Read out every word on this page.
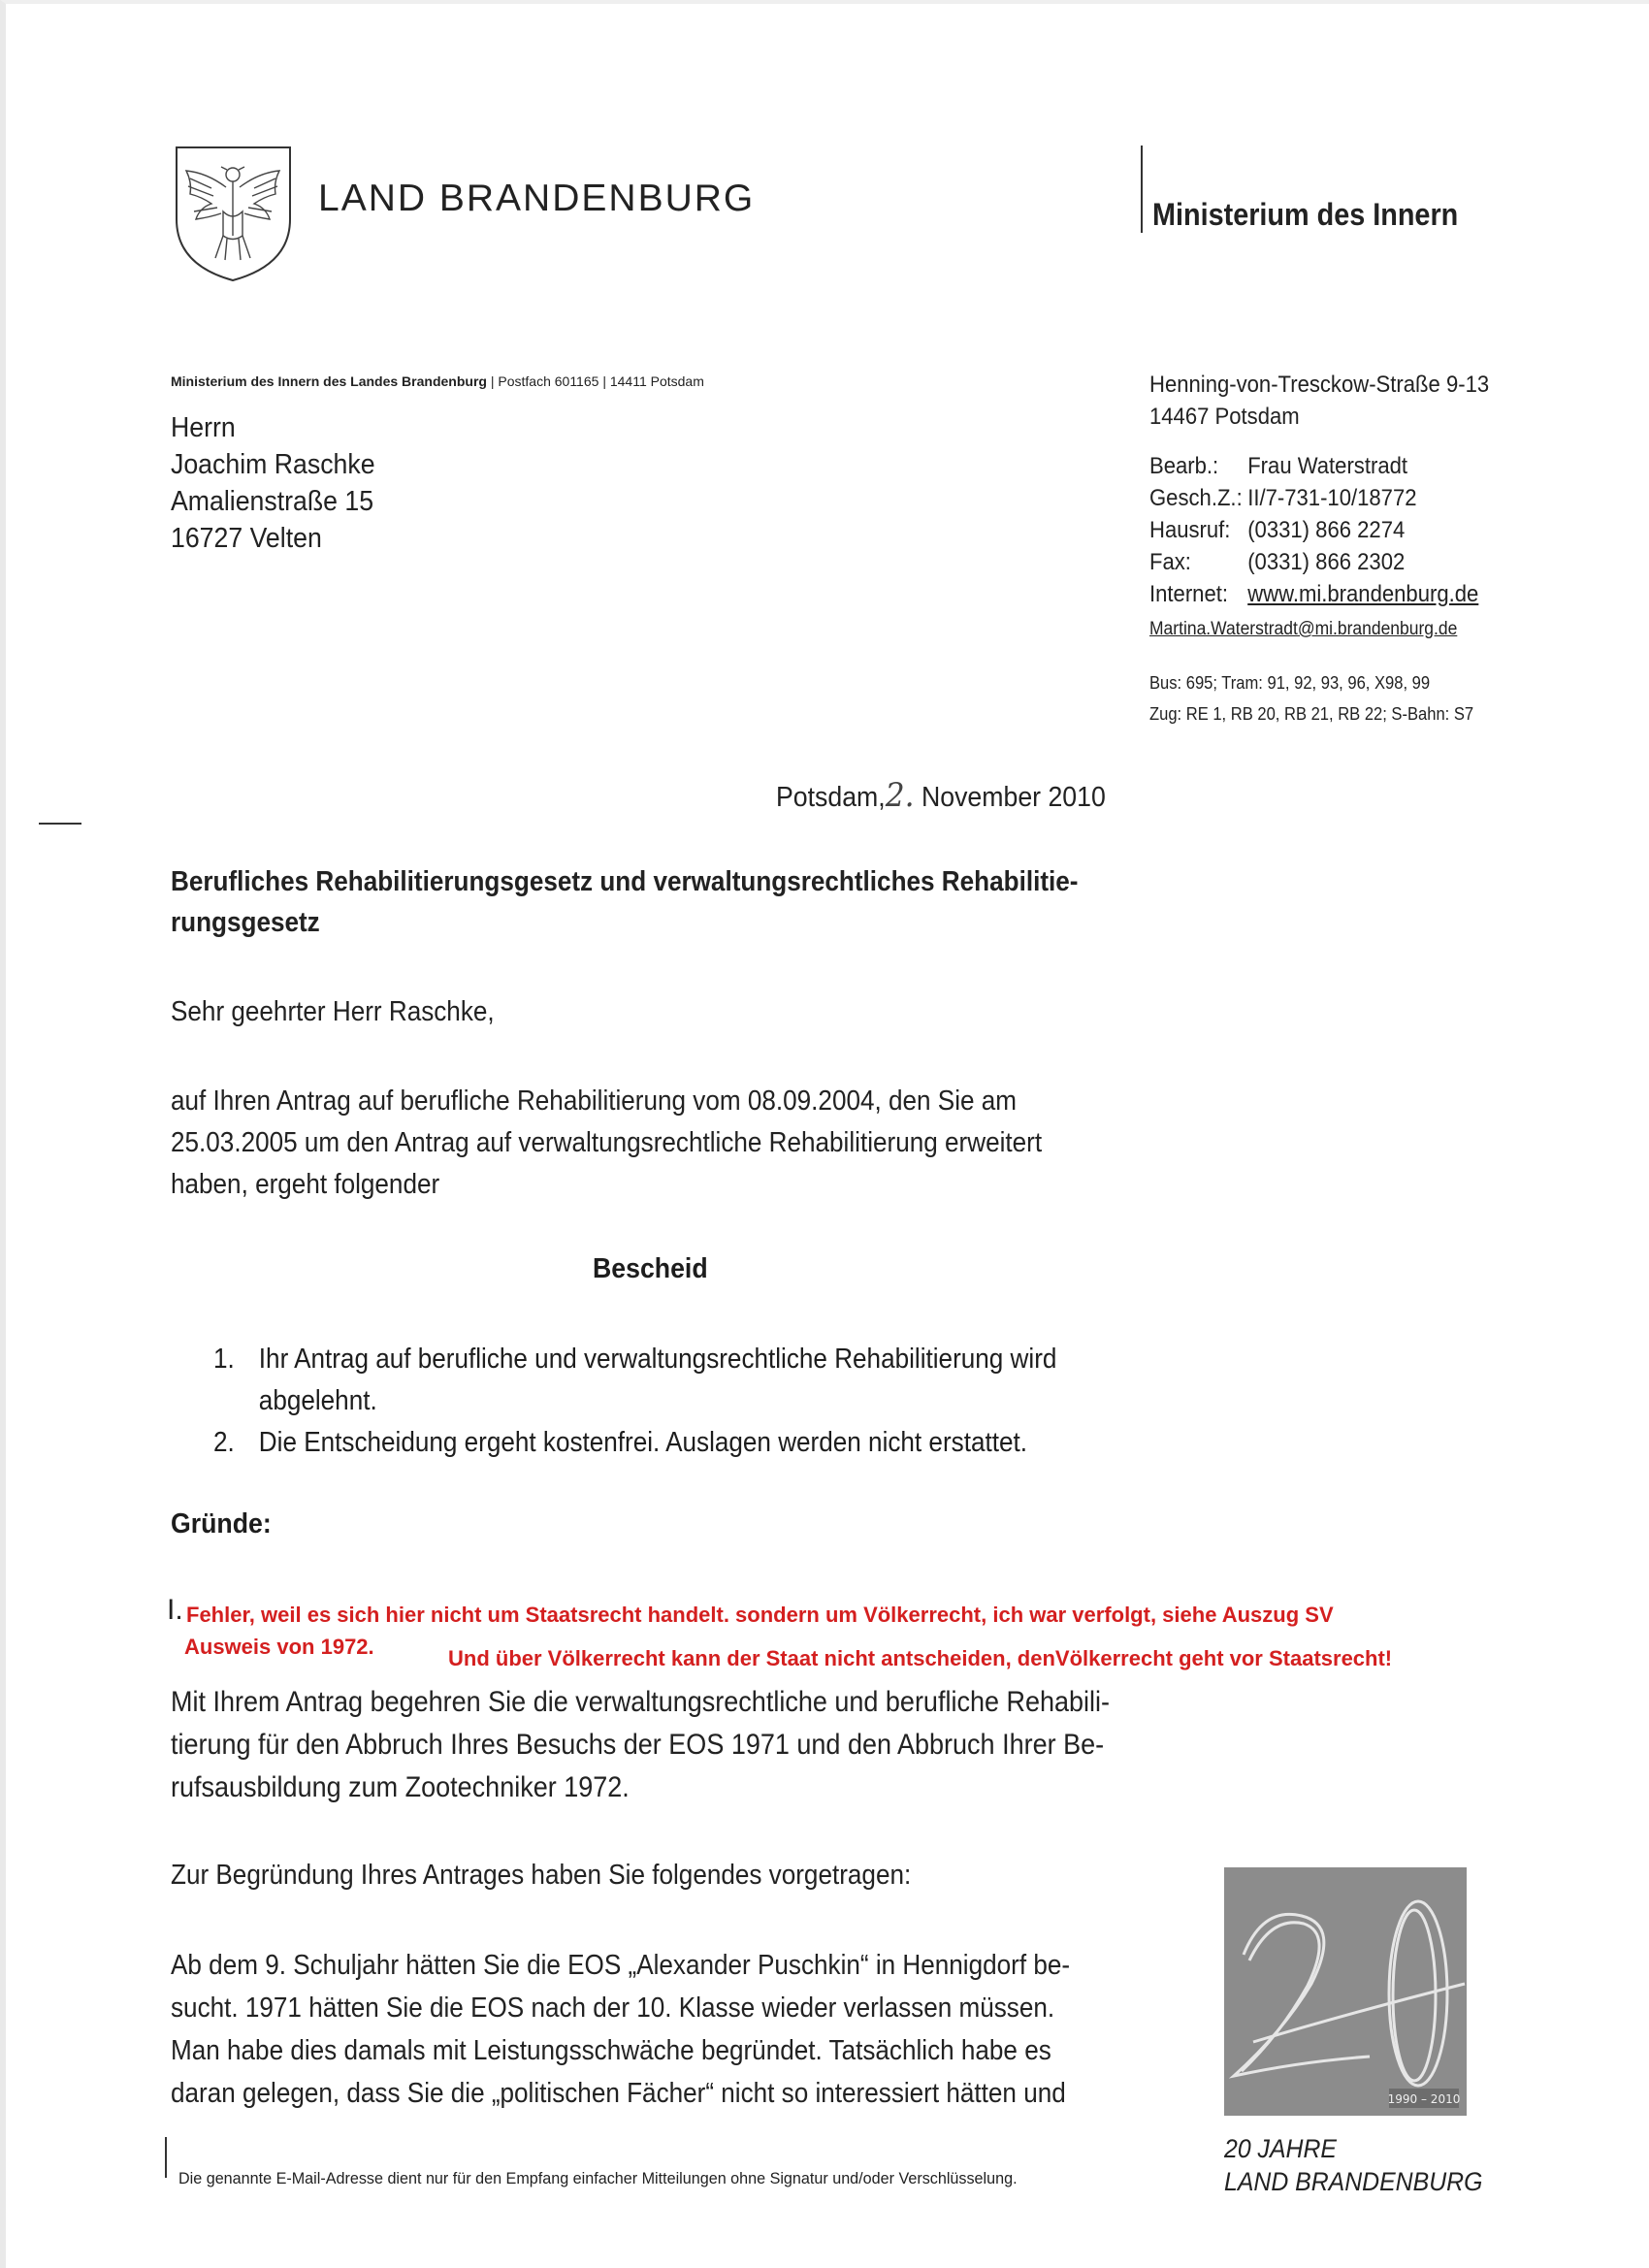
LAND BRANDENBURG	Ministerium des Innern
Ministerium des Innern des Landes Brandenburg | Postfach 601165 | 14411 Potsdam
Herrn
Joachim Raschke
Amalienstraße 15
16727 Velten
Henning-von-Tresckow-Straße 9-13
14467 Potsdam
Bearb.:	Frau Waterstradt
Gesch.Z.: II/7-731-10/18772
Hausruf: (0331) 866 2274
Fax:	(0331) 866 2302
Internet: www.mi.brandenburg.de
Martina.Waterstradt@mi.brandenburg.de
Bus: 695; Tram: 91, 92, 93, 96, X98, 99
Zug: RE 1, RB 20, RB 21, RB 22; S-Bahn: S7
Potsdam,2. November 2010
Berufliches Rehabilitierungsgesetz und verwaltungsrechtliches Rehabilitie-
rungsgesetz
Sehr geehrter Herr Raschke,
auf Ihren Antrag auf berufliche Rehabilitierung vom 08.09.2004, den Sie am
25.03.2005 um den Antrag auf verwaltungsrechtliche Rehabilitierung erweitert
haben, ergeht folgender
Bescheid
1. Ihr Antrag auf berufliche und verwaltungsrechtliche Rehabilitierung wird
abgelehnt.
2. Die Entscheidung ergeht kostenfrei. Auslagen werden nicht erstattet.
Gründe:
I. Fehler, weil es sich hier nicht um Staatsrecht handelt. sondern um Völkerrecht, ich war verfolgt, siehe Auszug SV
Ausweis von 1972.	Und über Völkerrecht kann der Staat nicht antscheiden, denVölkerrecht geht vor Staatsrecht!
Mit Ihrem Antrag begehren Sie die verwaltungsrechtliche und berufliche Rehabili-
tierung für den Abbruch Ihres Besuchs der EOS 1971 und den Abbruch Ihrer Be-
rufsausbildung zum Zootechniker 1972.
Zur Begründung Ihres Antrages haben Sie folgendes vorgetragen:
Ab dem 9. Schuljahr hätten Sie die EOS „Alexander Puschkin“ in Hennigdorf be-
sucht. 1971 hätten Sie die EOS nach der 10. Klasse wieder verlassen müssen.
Man habe dies damals mit Leistungsschwäche begründet. Tatsächlich habe es
daran gelegen, dass Sie die „politischen Fächer“ nicht so interessiert hätten und	1990 – 2010
20 JAHRE
LAND BRANDENBURG
Die genannte E-Mail-Adresse dient nur für den Empfang einfacher Mitteilungen ohne Signatur und/oder Verschlüsselung.
